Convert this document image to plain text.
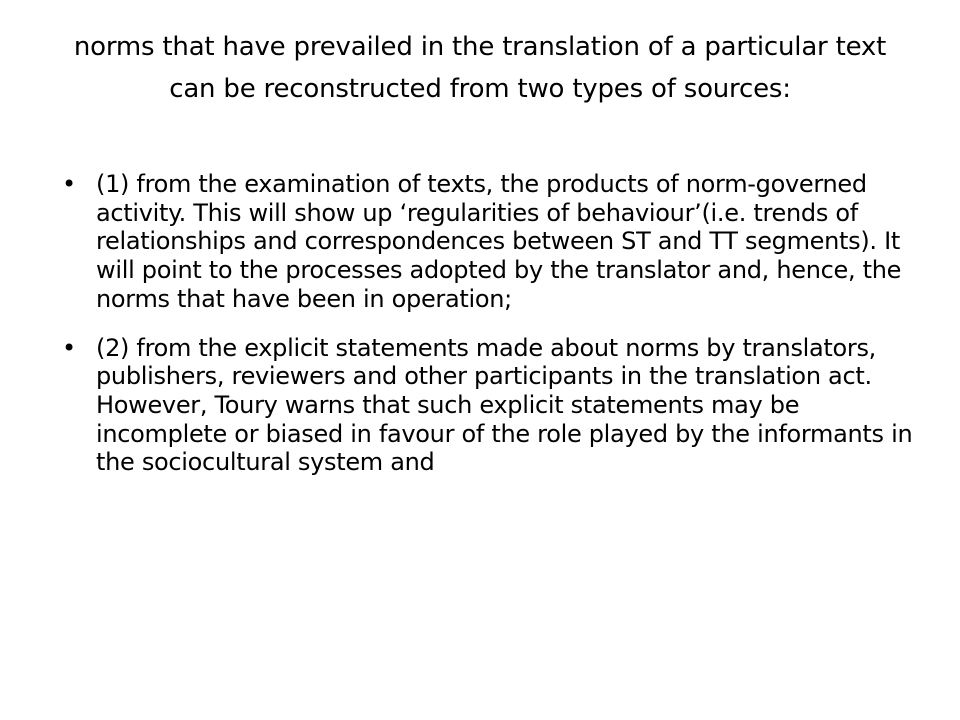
norms that have prevailed in the translation of a particular text can be reconstructed from two types of sources:
• (1) from the examination of texts, the products of norm-governed activity. This will show up ‘regularities of behaviour’(i.e. trends of relationships and correspondences between ST and TT segments). It will point to the processes adopted by the translator and, hence, the norms that have been in operation;
• (2) from the explicit statements made about norms by translators, publishers, reviewers and other participants in the translation act. However, Toury warns that such explicit statements may be incomplete or biased in favour of the role played by the informants in the sociocultural system and
